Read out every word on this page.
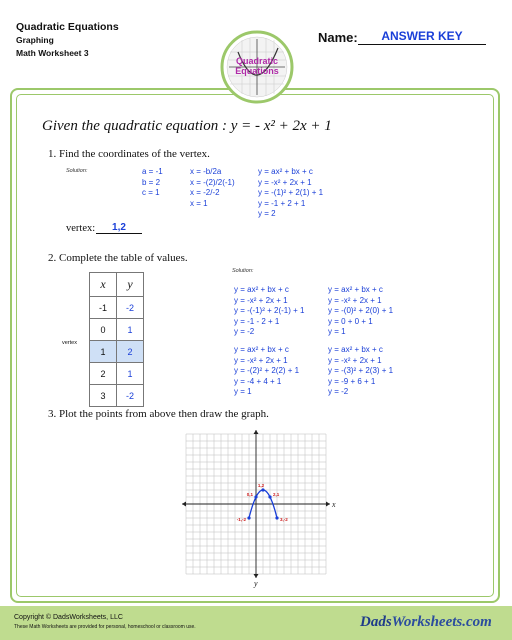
Quadratic Equations
Graphing
Math Worksheet 3
Name:	ANSWER KEY
Quadratic
Equations
Given the quadratic equation : y = - x² + 2x + 1
1. Find the coordinates of the vertex.
Solution:	a = -1
b = 2
c = 1
x = -b/2a
x = -(2)/2(-1)
x = -2/-2
x = 1
y = ax² + bx + c
y = -x² + 2x + 1
y = -(1)² + 2(1) + 1
y = -1 + 2 + 1
y = 2
vertex:	1,2
2. Complete the table of values.
Solution:
x	y
-1	-2
0	1
1	2
2	1
3	-2
vertex
y = ax² + bx + c
y = -x² + 2x + 1
y = -(-1)² + 2(-1) + 1
y = -1 - 2 + 1
y = -2
y = ax² + bx + c
y = -x² + 2x + 1
y = -(0)² + 2(0) + 1
y = 0 + 0 + 1
y = 1
y = ax² + bx + c
y = -x² + 2x + 1
y = -(2)² + 2(2) + 1
y = -4 + 4 + 1
y = 1
y = ax² + bx + c
y = -x² + 2x + 1
y = -(3)² + 2(3) + 1
y = -9 + 6 + 1
y = -2
3. Plot the points from above then draw the graph.
x
y
1,2
0,1	2,1
-1,-2	3,-2
Copyright © DadsWorksheets, LLC
These Math Worksheets are provided for personal, homeschool or classroom use.	DadsWorksheets.com
